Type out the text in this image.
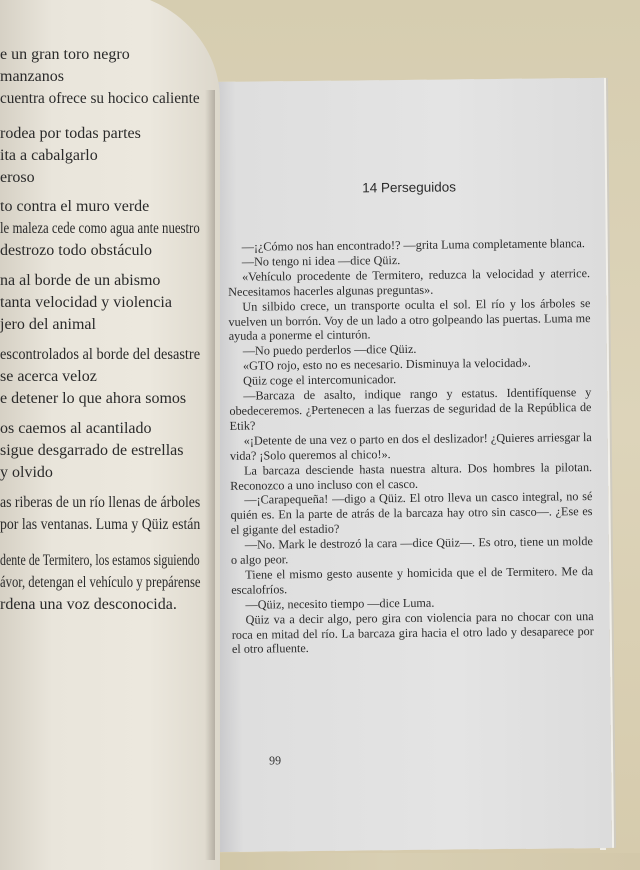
14 Perseguidos

—¡¿Cómo nos han encontrado!? —grita Luma completamente blanca.

—No tengo ni idea —dice Qüiz.

«Vehículo procedente de Termitero, reduzca la velocidad y aterrice. Necesitamos hacerles algunas preguntas».

Un silbido crece, un transporte oculta el sol. El río y los árboles se vuelven un borrón. Voy de un lado a otro golpeando las puertas. Luma me ayuda a ponerme el cinturón.

—No puedo perderlos —dice Qüiz.

«GTO rojo, esto no es necesario. Disminuya la velocidad».

Qüiz coge el intercomunicador.

—Barcaza de asalto, indique rango y estatus. Identifíquense y obedeceremos. ¿Pertenecen a las fuerzas de seguridad de la República de Etik?

«¡Detente de una vez o parto en dos el deslizador! ¿Quieres arriesgar la vida? ¡Solo queremos al chico!».

La barcaza desciende hasta nuestra altura. Dos hombres la pilotan. Reconozco a uno incluso con el casco.

—¡Carapequeña! —digo a Qüiz. El otro lleva un casco integral, no sé quién es. En la parte de atrás de la barcaza hay otro sin casco—. ¿Ese es el gigante del estadio?

—No. Mark le destrozó la cara —dice Qüiz—. Es otro, tiene un molde o algo peor.

Tiene el mismo gesto ausente y homicida que el de Termitero. Me da escalofríos.

—Qüiz, necesito tiempo —dice Luma.

Qüiz va a decir algo, pero gira con violencia para no chocar con una roca en mitad del río. La barcaza gira hacia el otro lado y desaparece por el otro afluente.

99
e un gran toro negro
manzanos
cuentra ofrece su hocico caliente
rodea por todas partes
ita a cabalgarlo
eroso
to contra el muro verde
le maleza cede como agua ante nuestro
destrozo todo obstáculo
na al borde de un abismo
tanta velocidad y violencia
jero del animal
escontrolados al borde del desastre
se acerca veloz
e detener lo que ahora somos
os caemos al acantilado
sigue desgarrado de estrellas
y olvido
as riberas de un río llenas de árboles
por las ventanas. Luma y Qüiz están
dente de Termitero, los estamos siguiendo
ávor, detengan el vehículo y prepárense
rdena una voz desconocida.
